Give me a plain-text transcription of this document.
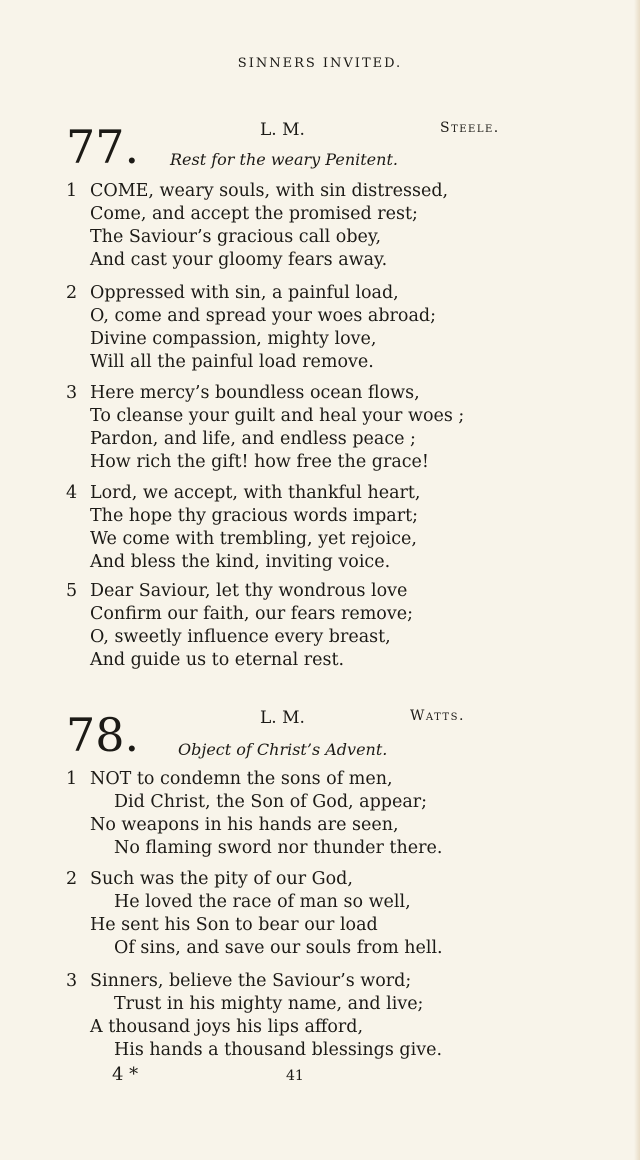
SINNERS INVITED.
77.	L. M.	Steele.
Rest for the weary Penitent.
1 COME, weary souls, with sin distressed,
Come, and accept the promised rest;
The Saviour’s gracious call obey,
And cast your gloomy fears away.
2 Oppressed with sin, a painful load,
O, come and spread your woes abroad;
Divine compassion, mighty love,
Will all the painful load remove.
3 Here mercy’s boundless ocean flows,
To cleanse your guilt and heal your woes ;
Pardon, and life, and endless peace ;
How rich the gift! how free the grace!
4 Lord, we accept, with thankful heart,
The hope thy gracious words impart;
We come with trembling, yet rejoice,
And bless the kind, inviting voice.
5 Dear Saviour, let thy wondrous love
Confirm our faith, our fears remove;
O, sweetly influence every breast,
And guide us to eternal rest.
78.	L. M.	Watts.
Object of Christ’s Advent.
1 NOT to condemn the sons of men,
Did Christ, the Son of God, appear;
No weapons in his hands are seen,
No flaming sword nor thunder there.
2 Such was the pity of our God,
He loved the race of man so well,
He sent his Son to bear our load
Of sins, and save our souls from hell.
3 Sinners, believe the Saviour’s word;
Trust in his mighty name, and live;
A thousand joys his lips afford,
His hands a thousand blessings give.
4 *	41
